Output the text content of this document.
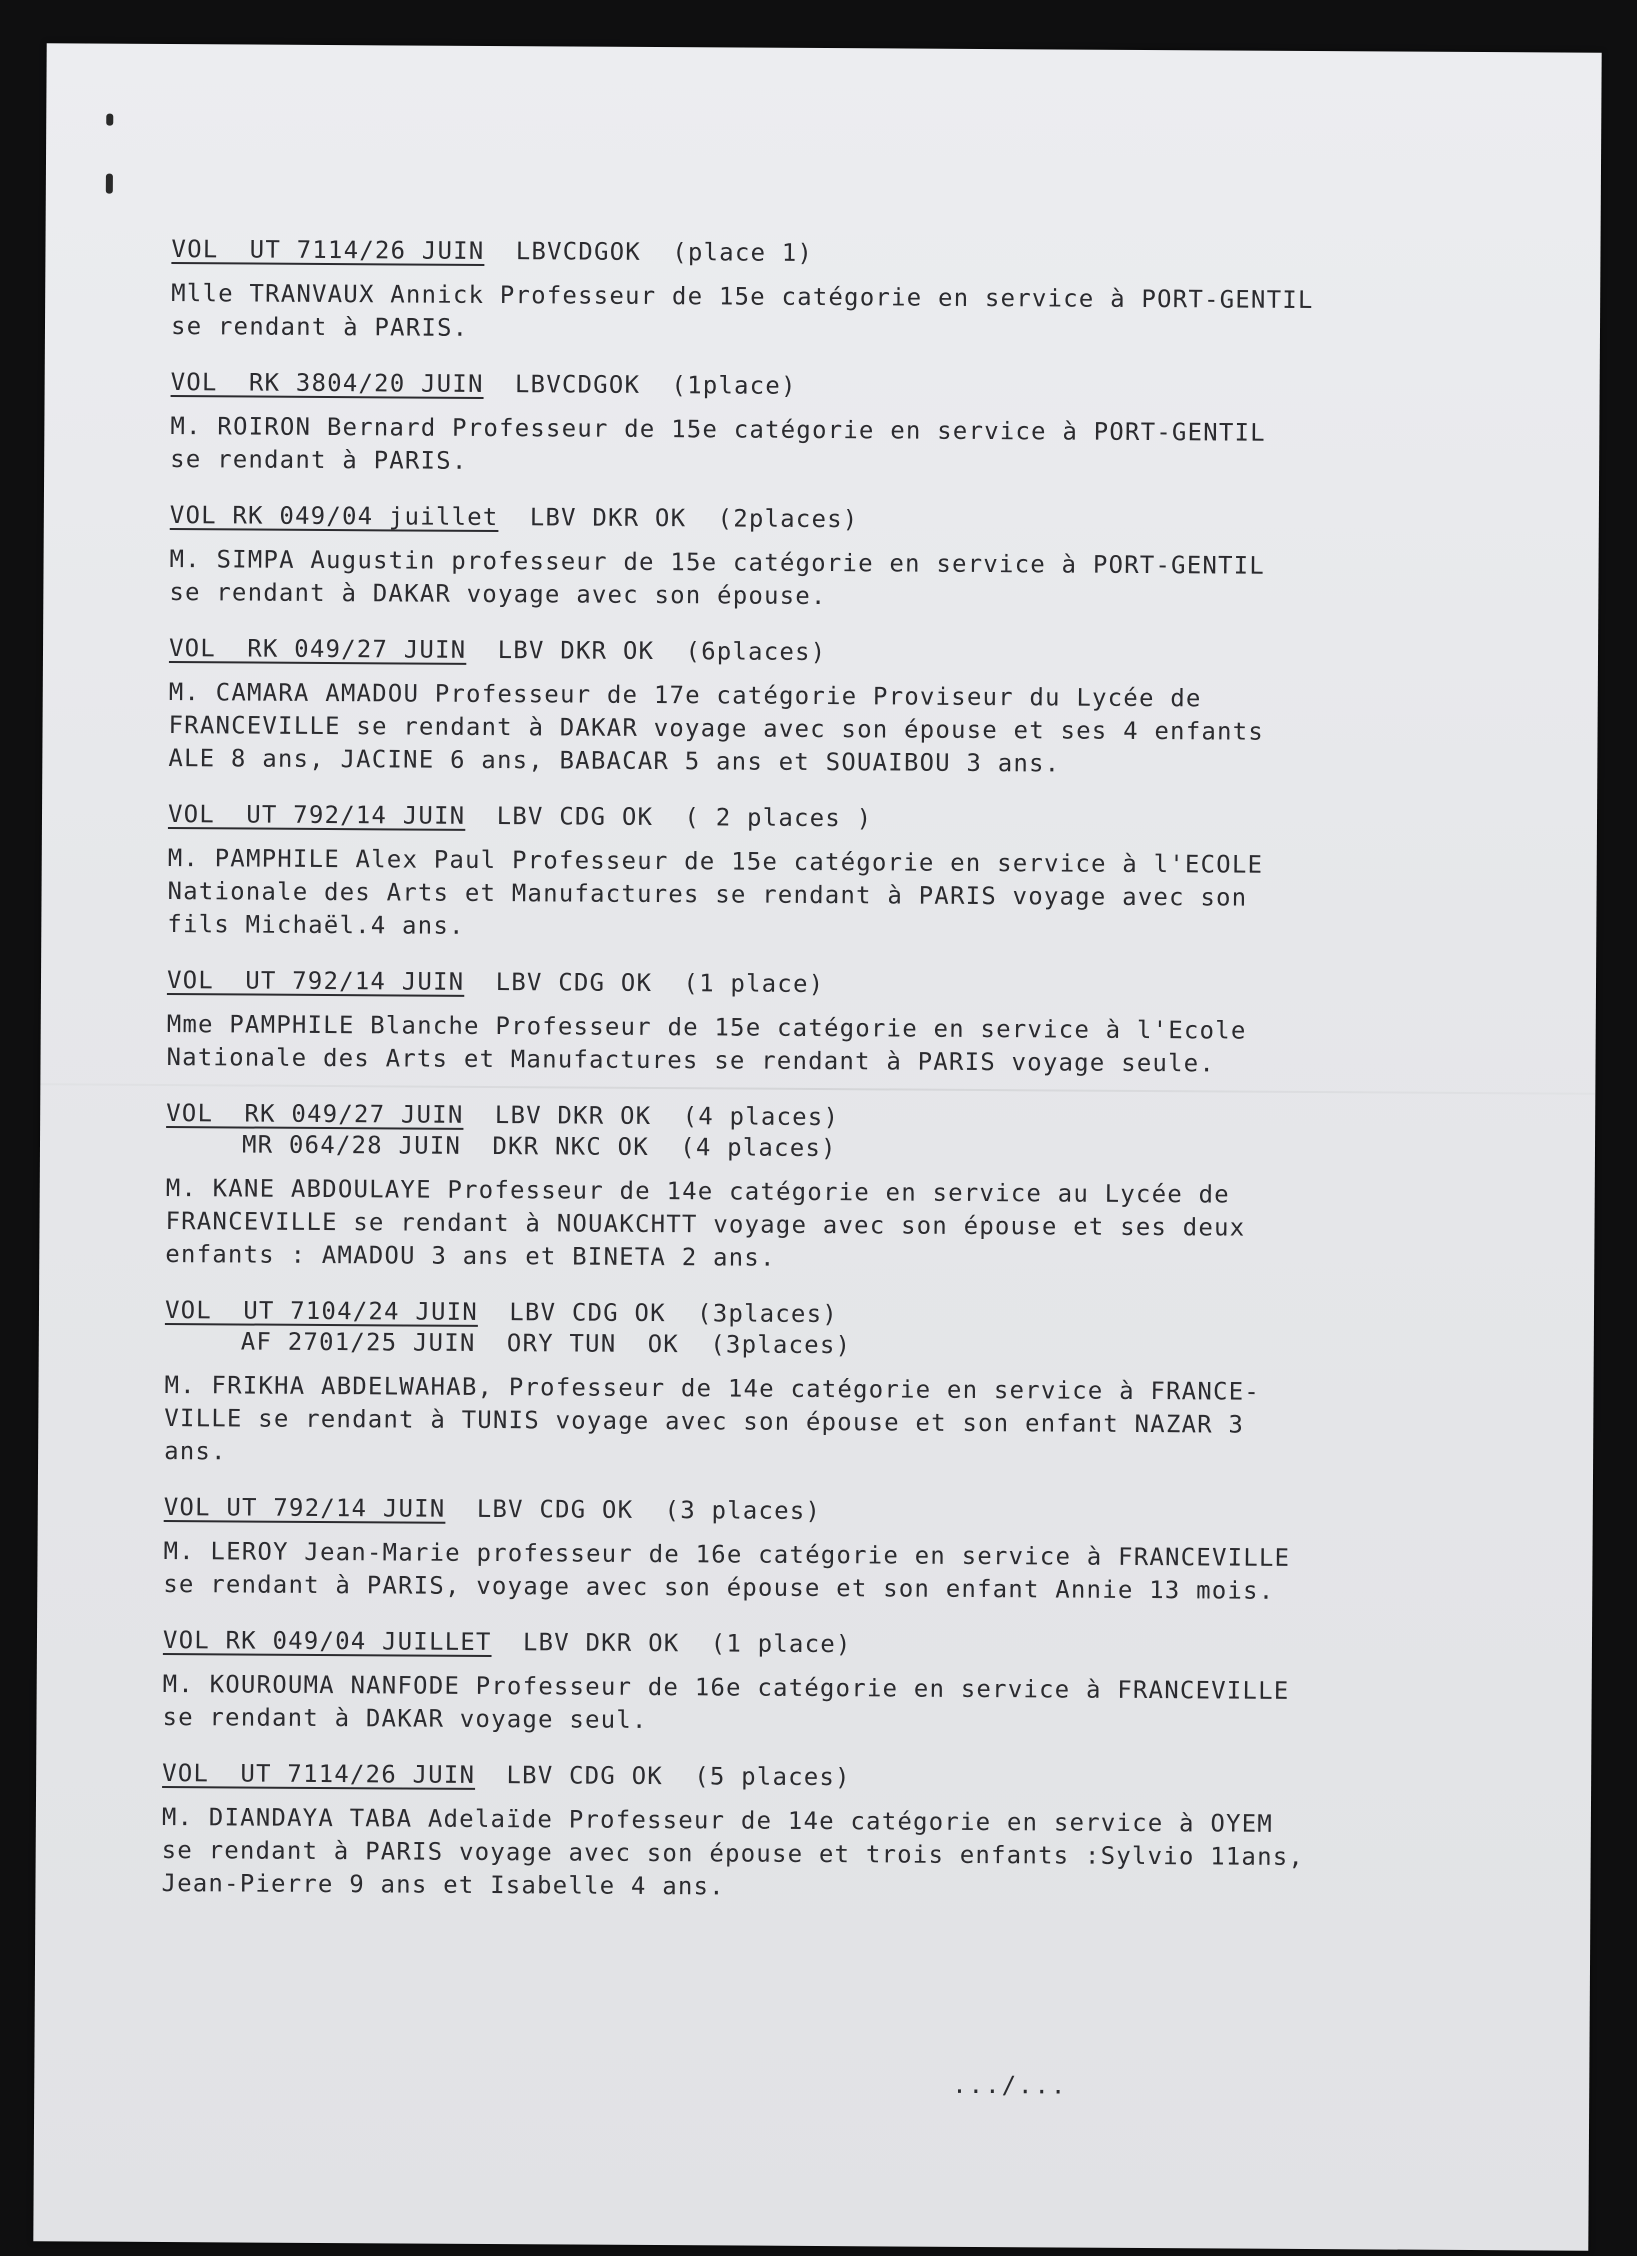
VOL  UT 7114/26 JUIN LBVCDGOK (place 1)
Mlle TRANVAUX Annick Professeur de 15e catégorie en service à PORT-GENTIL
se rendant à PARIS.
VOL  RK 3804/20 JUIN LBVCDGOK (1place)
M. ROIRON Bernard Professeur de 15e catégorie en service à PORT-GENTIL
se rendant à PARIS.
VOL RK 049/04 juillet LBV DKR OK (2places)
M. SIMPA Augustin professeur de 15e catégorie en service à PORT-GENTIL
se rendant à DAKAR voyage avec son épouse.
VOL  RK 049/27 JUIN LBV DKR OK (6places)
M. CAMARA AMADOU Professeur de 17e catégorie Proviseur du Lycée de
FRANCEVILLE se rendant à DAKAR voyage avec son épouse et ses 4 enfants
ALE 8 ans, JACINE 6 ans, BABACAR 5 ans et SOUAIBOU 3 ans.
VOL  UT 792/14 JUIN LBV CDG OK ( 2 places )
M. PAMPHILE Alex Paul Professeur de 15e catégorie en service à l'ECOLE
Nationale des Arts et Manufactures se rendant à PARIS voyage avec son
fils Michaël.4 ans.
VOL  UT 792/14 JUIN LBV CDG OK (1 place)
Mme PAMPHILE Blanche Professeur de 15e catégorie en service à l'Ecole
Nationale des Arts et Manufactures se rendant à PARIS voyage seule.
VOL  RK 049/27 JUIN LBV DKR OK (4 places)
MR 064/28 JUIN DKR NKC OK (4 places)
M. KANE ABDOULAYE Professeur de 14e catégorie en service au Lycée de
FRANCEVILLE se rendant à NOUAKCHTT voyage avec son épouse et ses deux
enfants : AMADOU 3 ans et BINETA 2 ans.
VOL  UT 7104/24 JUIN LBV CDG OK (3places)
AF 2701/25 JUIN ORY TUN  OK (3places)
M. FRIKHA ABDELWAHAB, Professeur de 14e catégorie en service à FRANCE-
VILLE se rendant à TUNIS voyage avec son épouse et son enfant NAZAR 3
ans.
VOL UT 792/14 JUIN LBV CDG OK (3 places)
M. LEROY Jean-Marie professeur de 16e catégorie en service à FRANCEVILLE
se rendant à PARIS, voyage avec son épouse et son enfant Annie 13 mois.
VOL RK 049/04 JUILLET LBV DKR OK (1 place)
M. KOUROUMA NANFODE Professeur de 16e catégorie en service à FRANCEVILLE
se rendant à DAKAR voyage seul.
VOL  UT 7114/26 JUIN LBV CDG OK (5 places)
M. DIANDAYA TABA Adelaïde Professeur de 14e catégorie en service à OYEM
se rendant à PARIS voyage avec son épouse et trois enfants :Sylvio 11ans,
Jean-Pierre 9 ans et Isabelle 4 ans.
.../...
